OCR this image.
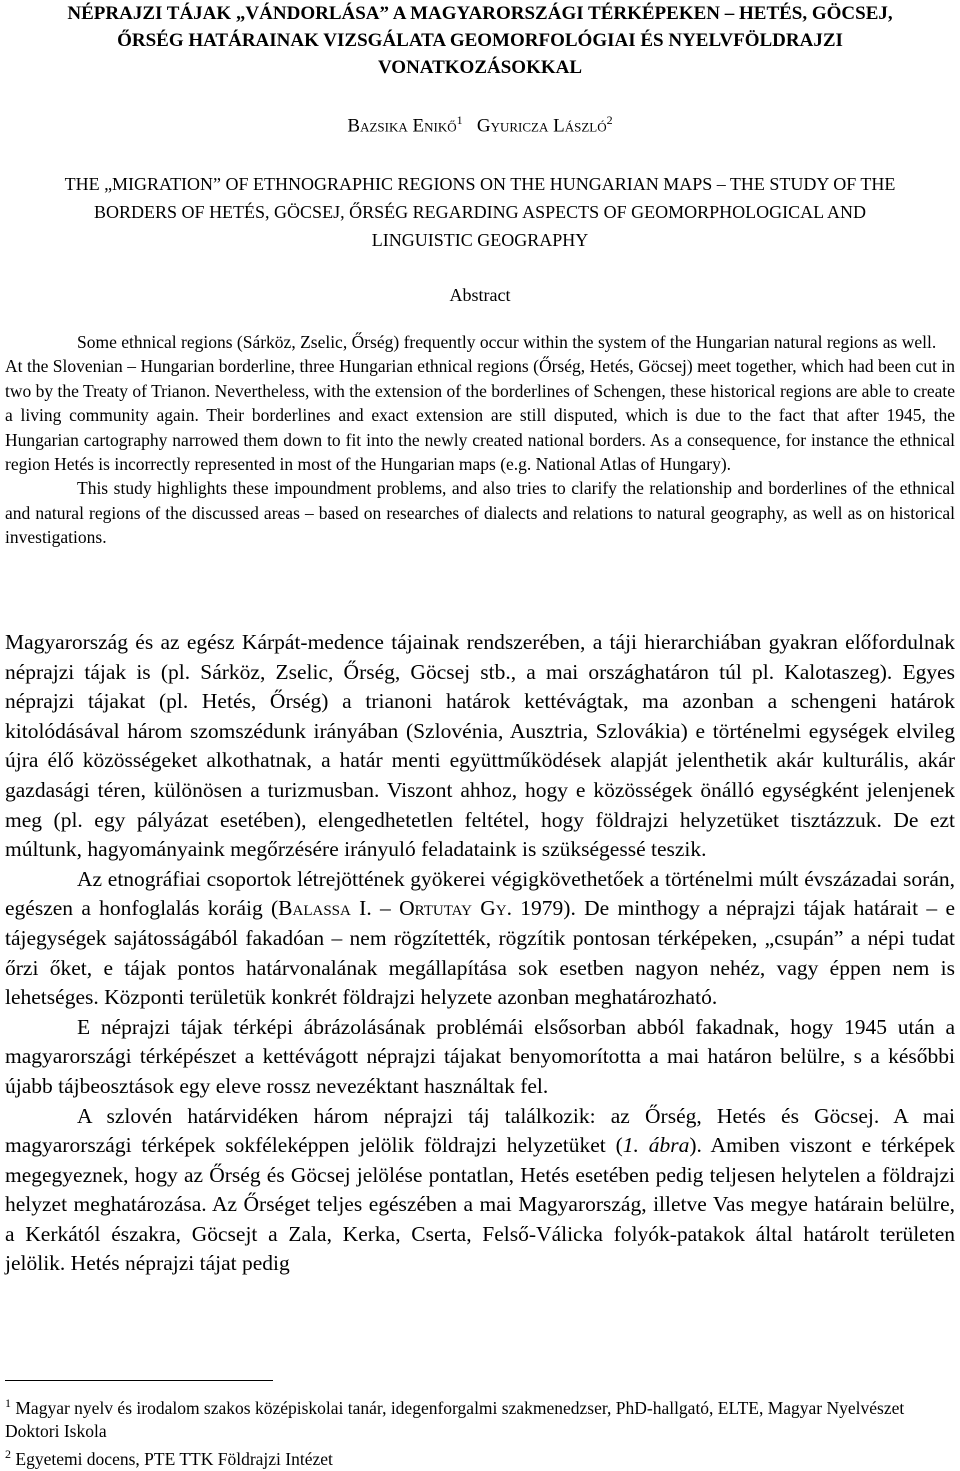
NÉPRAJZI TÁJAK „VÁNDORLÁSA” A MAGYARORSZÁGI TÉRKÉPEKEN – HETÉS, GÖCSEJ,
ŐRSÉG HATÁRAINAK VIZSGÁLATA GEOMORFOLÓGIAI ÉS NYELVFÖLDRAJZI
VONATKOZÁSOKKAL
Bazsika Enikő$^1$ Gyuricza László$^2$
THE „MIGRATION” OF ETHNOGRAPHIC REGIONS ON THE HUNGARIAN MAPS – THE STUDY OF THE
BORDERS OF HETÉS, GÖCSEJ, ŐRSÉG REGARDING ASPECTS OF GEOMORPHOLOGICAL AND
LINGUISTIC GEOGRAPHY
Abstract

Some ethnical regions (Sárköz, Zselic, Őrség) frequently occur within the system of the Hungarian natural regions as well.

At the Slovenian – Hungarian borderline, three Hungarian ethnical regions (Őrség, Hetés, Göcsej) meet together, which had been cut in two by the Treaty of Trianon. Nevertheless, with the extension of the borderlines of Schengen, these historical regions are able to create a living community again. Their borderlines and exact extension are still disputed, which is due to the fact that after 1945, the Hungarian cartography narrowed them down to fit into the newly created national borders. As a consequence, for instance the ethnical region Hetés is incorrectly represented in most of the Hungarian maps (e.g. National Atlas of Hungary).

This study highlights these impoundment problems, and also tries to clarify the relationship and borderlines of the ethnical and natural regions of the discussed areas – based on researches of dialects and relations to natural geography, as well as on historical investigations.

Magyarország és az egész Kárpát-medence tájainak rendszerében, a táji hierarchiában gyakran előfordulnak néprajzi tájak is (pl. Sárköz, Zselic, Őrség, Göcsej stb., a mai országhatáron túl pl. Kalotaszeg). Egyes néprajzi tájakat (pl. Hetés, Őrség) a trianoni határok kettévágtak, ma azonban a schengeni határok kitolódásával három szomszédunk irányában (Szlovénia, Ausztria, Szlovákia) e történelmi egységek elvileg újra élő közösségeket alkothatnak, a határ menti együttműködések alapját jelenthetik akár kulturális, akár gazdasági téren, különösen a turizmusban. Viszont ahhoz, hogy e közösségek önálló egységként jelenjenek meg (pl. egy pályázat esetében), elengedhetetlen feltétel, hogy földrajzi helyzetüket tisztázzuk. De ezt múltunk, hagyományaink megőrzésére irányuló feladataink is szükségessé teszik.

Az etnográfiai csoportok létrejöttének gyökerei végigkövethetőek a történelmi múlt évszázadai során, egészen a honfoglalás koráig (Balassa I. – Ortutay Gy. 1979). De minthogy a néprajzi tájak határait – e tájegységek sajátosságából fakadóan – nem rögzítették, rögzítik pontosan térképeken, „csupán” a népi tudat őrzi őket, e tájak pontos határvonalának megállapítása sok esetben nagyon nehéz, vagy éppen nem is lehetséges. Központi területük konkrét földrajzi helyzete azonban meghatározható.

E néprajzi tájak térképi ábrázolásának problémái elsősorban abból fakadnak, hogy 1945 után a magyarországi térképészet a kettévágott néprajzi tájakat benyomorította a mai határon belülre, s a későbbi újabb tájbeosztások egy eleve rossz nevezéktant használtak fel.

A szlovén határvidéken három néprajzi táj találkozik: az Őrség, Hetés és Göcsej. A mai magyarországi térképek sokféleképpen jelölik földrajzi helyzetüket (1. ábra). Amiben viszont e térképek megegyeznek, hogy az Őrség és Göcsej jelölése pontatlan, Hetés esetében pedig teljesen helytelen a földrajzi helyzet meghatározása. Az Őrséget teljes egészében a mai Magyarország, illetve Vas megye határain belülre, a Kerkától északra, Göcsejt a Zala, Kerka, Cserta, Felső-Válicka folyók-patakok által határolt területen jelölik. Hetés néprajzi tájat pedig

$^1$ Magyar nyelv és irodalom szakos középiskolai tanár, idegenforgalmi szakmenedzser, PhD-hallgató, ELTE, Magyar Nyelvészet Doktori Iskola

$^2$ Egyetemi docens, PTE TTK Földrajzi Intézet
